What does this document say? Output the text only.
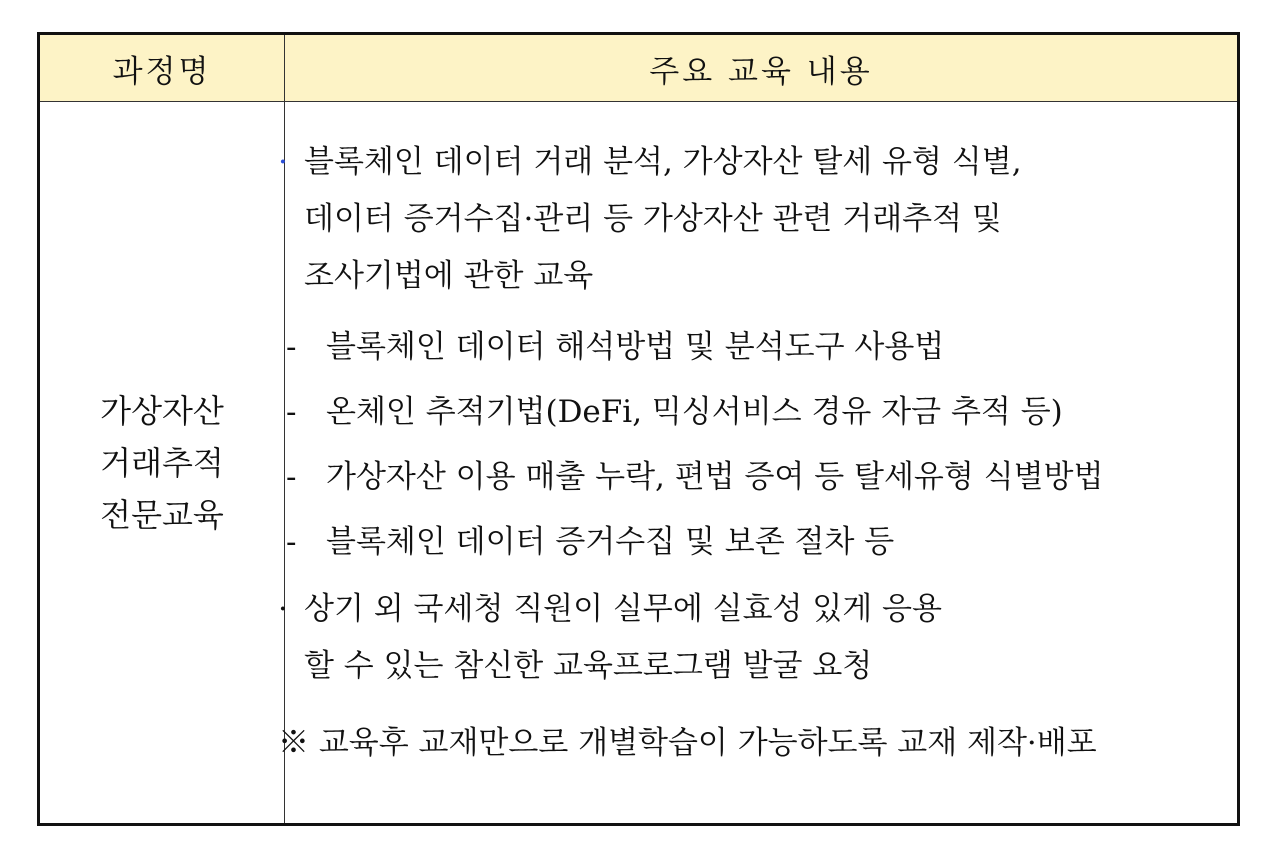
과정명	주요 교육 내용
가상자산
거래추적
전문교육
· 블록체인 데이터 거래 분석, 가상자산 탈세 유형 식별,
데이터 증거수집·관리 등 가상자산 관련 거래추적 및
조사기법에 관한 교육
- 블록체인 데이터 해석방법 및 분석도구 사용법
- 온체인 추적기법(DeFi, 믹싱서비스 경유 자금 추적 등)
- 가상자산 이용 매출 누락, 편법 증여 등 탈세유형 식별방법
- 블록체인 데이터 증거수집 및 보존 절차 등
· 상기 외 국세청 직원이 실무에 실효성 있게 응용
할 수 있는 참신한 교육프로그램 발굴 요청
※ 교육후 교재만으로 개별학습이 가능하도록 교재 제작·배포
